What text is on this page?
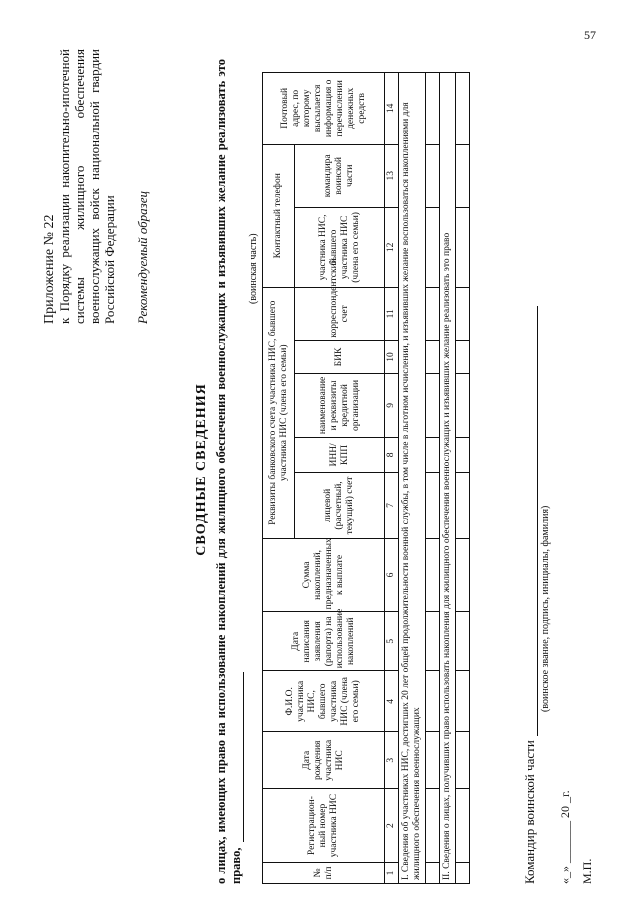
57
Приложение № 22 к Порядку реализации накопительно-ипотечной системы жилищного обеспечения военнослужащих войск национальной гвардии Российской Федерации Рекомендуемый образец
СВОДНЫЕ СВЕДЕНИЯ о лицах, имеющих право на использование накоплений для жилищного обеспечения военнослужащих и изъявивших желание реализовать это право,
(воинская часть)
№ п/п	Регистрацион-ный номер участника НИС	Дата рождения участника НИС	Ф.И.О. участника НИС, бывшего участника НИС (члена его семьи)	Дата написания заявления (рапорта) на использование накоплений	Сумма накоплений, предназначенных к выплате	Реквизиты банковского счета участника НИС, бывшего участника НИС (члена его семьи)					Контактный телефон		Почтовый адрес, по которому высылается информация о перечислении денежных средств
						лицевой (расчетный, текущий) счет	ИНН/ КПП	наименование и реквизиты кредитной организации	БИК	корреспондентский счет	участника НИС, бывшего участника НИС (члена его семьи)	командира воинской части	
1	2	3	4	5	6	7	8	9	10	11	12	13	14
I. Сведения об участниках НИС, достигших 20 лет общей продолжительности военной службы, в том числе в льготном исчислении, и изъявивших желание воспользоваться накоплениями для жилищного обеспечения военнослужащих													

II. Сведения о лицах, получивших право использовать накопления для жилищного обеспечения военнослужащих и изъявивших желание реализовать это право													
														Командир воинской части
(воинское звание, подпись, инициалы, фамилия)
«_» _______ 20 _г. М.П.
